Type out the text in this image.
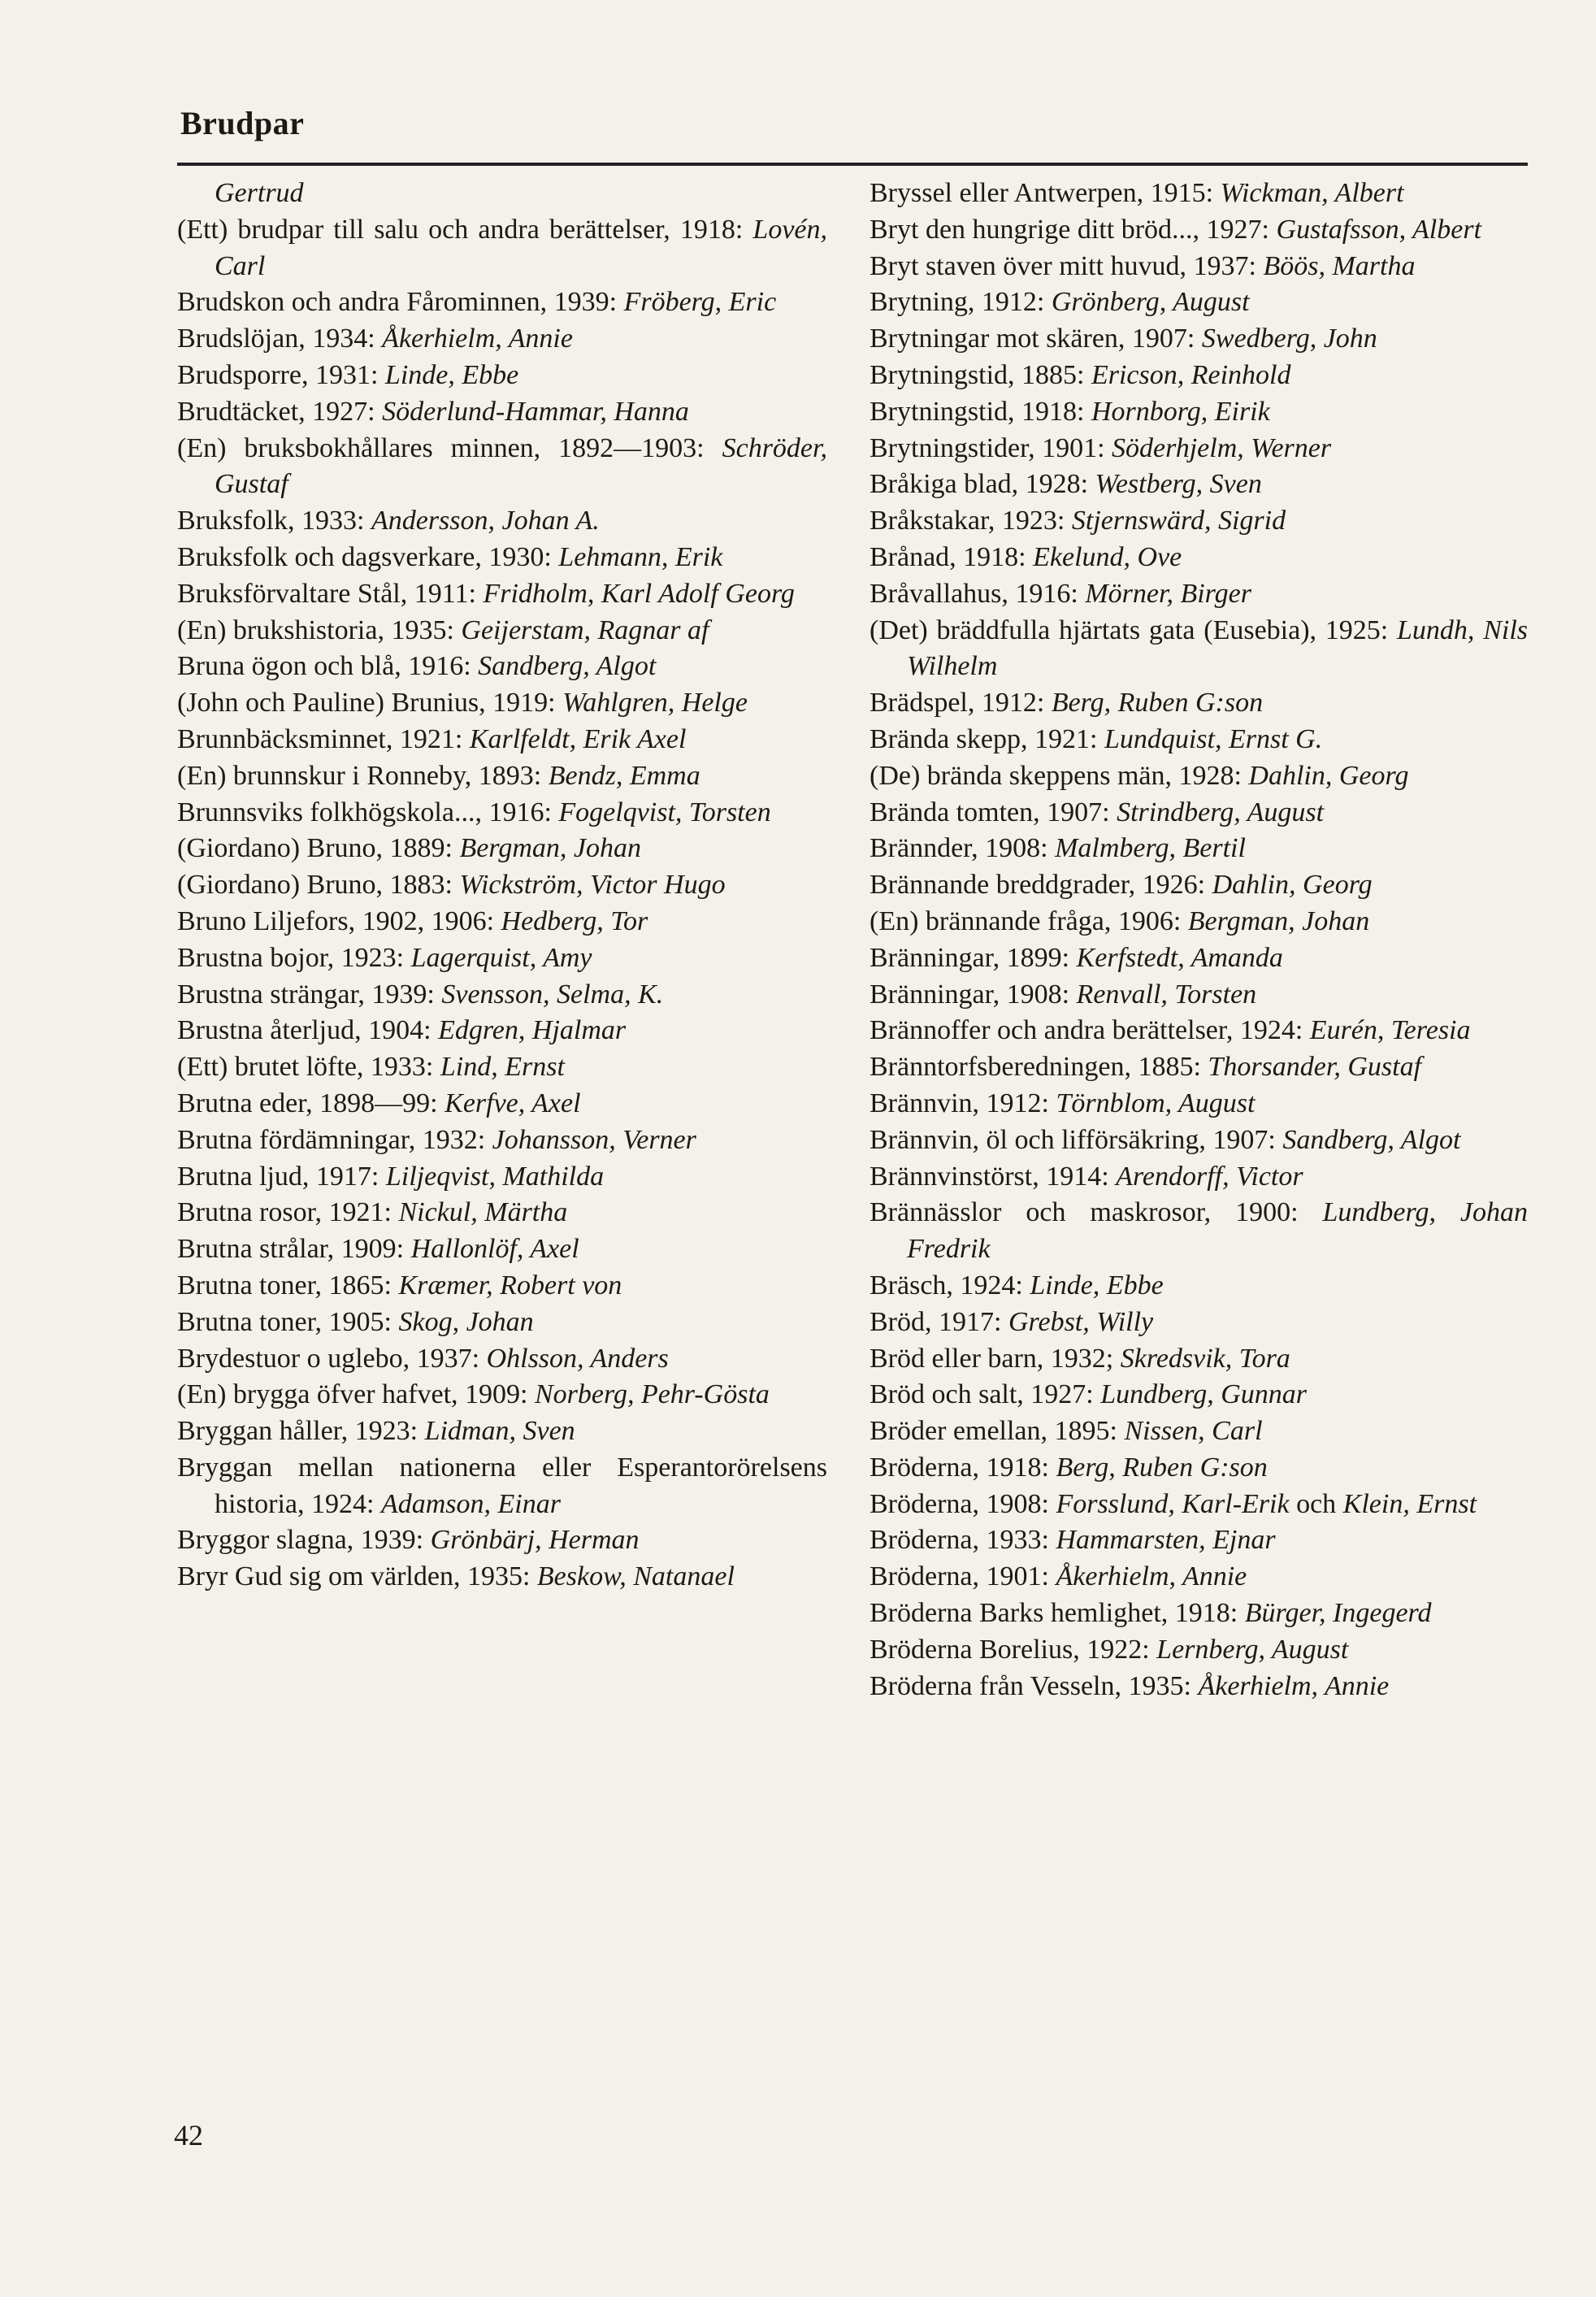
Brudpar
Gertrud
(Ett) brudpar till salu och andra berättelser, 1918: Lovén, Carl
Brudskon och andra Fårominnen, 1939: Fröberg, Eric
Brudslöjan, 1934: Åkerhielm, Annie
Brudsporre, 1931: Linde, Ebbe
Brudtäcket, 1927: Söderlund-Hammar, Hanna
(En) bruksbokhållares minnen, 1892—1903: Schröder, Gustaf
Bruksfolk, 1933: Andersson, Johan A.
Bruksfolk och dagsverkare, 1930: Lehmann, Erik
Bruksförvaltare Stål, 1911: Fridholm, Karl Adolf Georg
(En) brukshistoria, 1935: Geijerstam, Ragnar af
Bruna ögon och blå, 1916: Sandberg, Algot
(John och Pauline) Brunius, 1919: Wahlgren, Helge
Brunnbäcksminnet, 1921: Karlfeldt, Erik Axel
(En) brunnskur i Ronneby, 1893: Bendz, Emma
Brunnsviks folkhögskola..., 1916: Fogelqvist, Torsten
(Giordano) Bruno, 1889: Bergman, Johan
(Giordano) Bruno, 1883: Wickström, Victor Hugo
Bruno Liljefors, 1902, 1906: Hedberg, Tor
Brustna bojor, 1923: Lagerquist, Amy
Brustna strängar, 1939: Svensson, Selma, K.
Brustna återljud, 1904: Edgren, Hjalmar
(Ett) brutet löfte, 1933: Lind, Ernst
Brutna eder, 1898—99: Kerfve, Axel
Brutna fördämningar, 1932: Johansson, Verner
Brutna ljud, 1917: Liljeqvist, Mathilda
Brutna rosor, 1921: Nickul, Märtha
Brutna strålar, 1909: Hallonlöf, Axel
Brutna toner, 1865: Kræmer, Robert von
Brutna toner, 1905: Skog, Johan
Brydestuor o uglebo, 1937: Ohlsson, Anders
(En) brygga öfver hafvet, 1909: Norberg, Pehr-Gösta
Bryggan håller, 1923: Lidman, Sven
Bryggan mellan nationerna eller Esperantorörelsens historia, 1924: Adamson, Einar
Bryggor slagna, 1939: Grönbärj, Herman
Bryr Gud sig om världen, 1935: Beskow, Natanael
Bryssel eller Antwerpen, 1915: Wickman, Albert
Bryt den hungrige ditt bröd..., 1927: Gustafsson, Albert
Bryt staven över mitt huvud, 1937: Böös, Martha
Brytning, 1912: Grönberg, August
Brytningar mot skären, 1907: Swedberg, John
Brytningstid, 1885: Ericson, Reinhold
Brytningstid, 1918: Hornborg, Eirik
Brytningstider, 1901: Söderhjelm, Werner
Bråkiga blad, 1928: Westberg, Sven
Bråkstakar, 1923: Stjernswärd, Sigrid
Brånad, 1918: Ekelund, Ove
Bråvallahus, 1916: Mörner, Birger
(Det) bräddfulla hjärtats gata (Eusebia), 1925: Lundh, Nils Wilhelm
Brädspel, 1912: Berg, Ruben G:son
Brända skepp, 1921: Lundquist, Ernst G.
(De) brända skeppens män, 1928: Dahlin, Georg
Brända tomten, 1907: Strindberg, August
Brännder, 1908: Malmberg, Bertil
Brännande breddgrader, 1926: Dahlin, Georg
(En) brännande fråga, 1906: Bergman, Johan
Bränningar, 1899: Kerfstedt, Amanda
Bränningar, 1908: Renvall, Torsten
Brännoffer och andra berättelser, 1924: Eurén, Teresia
Bränntorfsberedningen, 1885: Thorsander, Gustaf
Brännvin, 1912: Törnblom, August
Brännvin, öl och lifförsäkring, 1907: Sandberg, Algot
Brännvinstörst, 1914: Arendorff, Victor
Brännässlor och maskrosor, 1900: Lundberg, Johan Fredrik
Bräsch, 1924: Linde, Ebbe
Bröd, 1917: Grebst, Willy
Bröd eller barn, 1932; Skredsvik, Tora
Bröd och salt, 1927: Lundberg, Gunnar
Bröder emellan, 1895: Nissen, Carl
Bröderna, 1918: Berg, Ruben G:son
Bröderna, 1908: Forsslund, Karl-Erik och Klein, Ernst
Bröderna, 1933: Hammarsten, Ejnar
Bröderna, 1901: Åkerhielm, Annie
Bröderna Barks hemlighet, 1918: Bürger, Ingegerd
Bröderna Borelius, 1922: Lernberg, August
Bröderna från Vesseln, 1935: Åkerhielm, Annie
42
